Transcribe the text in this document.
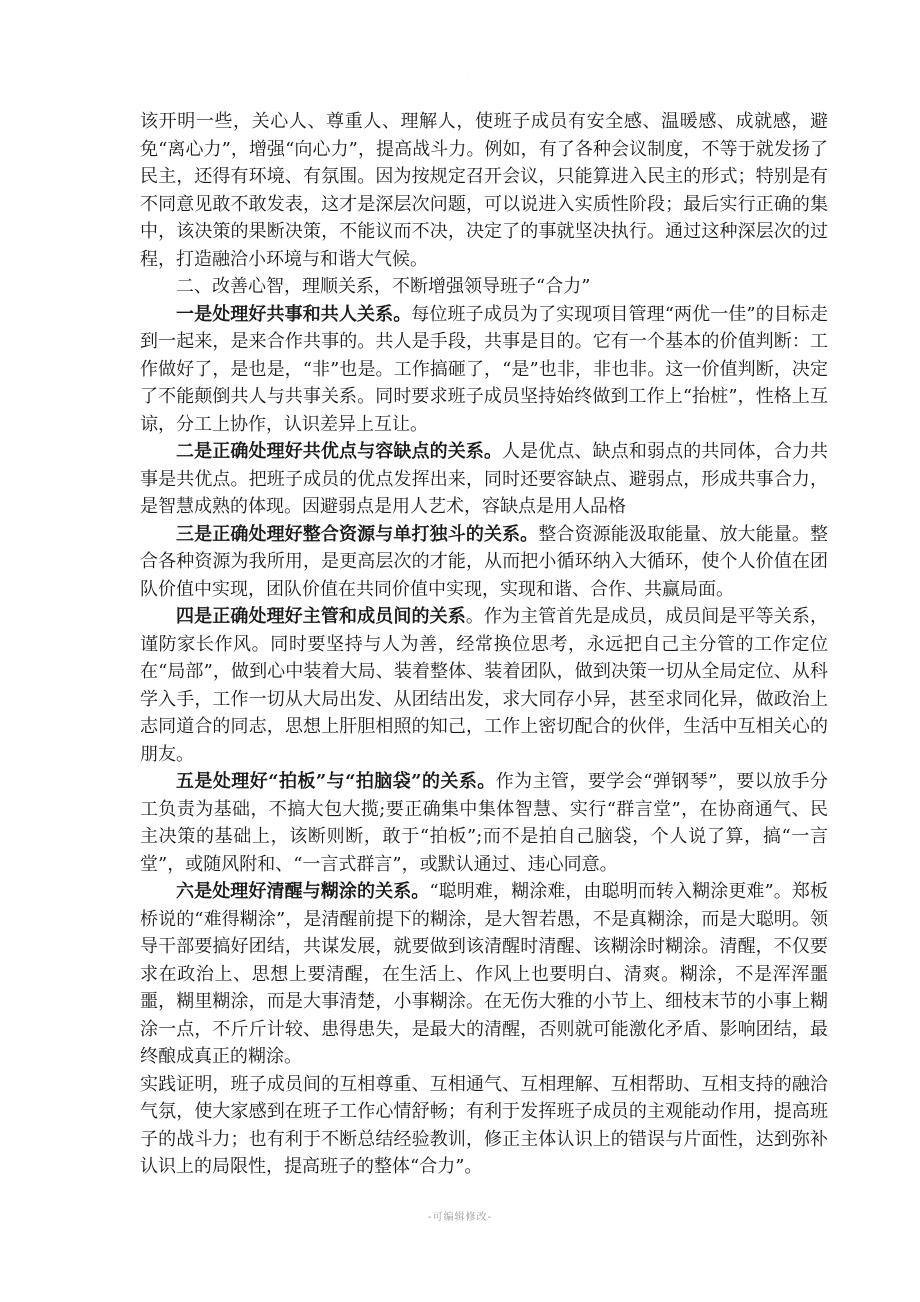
·

该开明一些，关心人、尊重人、理解人，使班子成员有安全感、温暖感、成就感，避免“离心力”，增强“向心力”，提高战斗力。例如，有了各种会议制度，不等于就发扬了民主，还得有环境、有氛围。因为按规定召开会议，只能算进入民主的形式；特别是有不同意见敢不敢发表，这才是深层次问题，可以说进入实质性阶段；最后实行正确的集中，该决策的果断决策，不能议而不决，决定了的事就坚决执行。通过这种深层次的过程，打造融洽小环境与和谐大气候。

二、改善心智，理顺关系，不断增强领导班子“合力”

一是处理好共事和共人关系。每位班子成员为了实现项目管理“两优一佳”的目标走到一起来，是来合作共事的。共人是手段，共事是目的。它有一个基本的价值判断：工作做好了，是也是，“非”也是。工作搞砸了，“是”也非，非也非。这一价值判断，决定了不能颠倒共人与共事关系。同时要求班子成员坚持始终做到工作上“抬桩”，性格上互谅，分工上协作，认识差异上互让。

二是正确处理好共优点与容缺点的关系。人是优点、缺点和弱点的共同体，合力共事是共优点。把班子成员的优点发挥出来，同时还要容缺点、避弱点，形成共事合力，是智慧成熟的体现。因避弱点是用人艺术，容缺点是用人品格

三是正确处理好整合资源与单打独斗的关系。整合资源能汲取能量、放大能量。整合各种资源为我所用，是更高层次的才能，从而把小循环纳入大循环，使个人价值在团队价值中实现，团队价值在共同价值中实现，实现和谐、合作、共赢局面。

四是正确处理好主管和成员间的关系。作为主管首先是成员，成员间是平等关系，谨防家长作风。同时要坚持与人为善，经常换位思考，永远把自己主分管的工作定位在“局部”，做到心中装着大局、装着整体、装着团队，做到决策一切从全局定位、从科学入手，工作一切从大局出发、从团结出发，求大同存小异，甚至求同化异，做政治上志同道合的同志，思想上肝胆相照的知己，工作上密切配合的伙伴，生活中互相关心的朋友。

五是处理好“拍板”与“拍脑袋”的关系。作为主管，要学会“弹钢琴”，要以放手分工负责为基础，不搞大包大揽;要正确集中集体智慧、实行“群言堂”，在协商通气、民主决策的基础上，该断则断，敢于“拍板”;而不是拍自己脑袋，个人说了算，搞“一言堂”，或随风附和、“一言式群言”，或默认通过、违心同意。

六是处理好清醒与糊涂的关系。“聪明难，糊涂难，由聪明而转入糊涂更难”。郑板桥说的“难得糊涂”，是清醒前提下的糊涂，是大智若愚，不是真糊涂，而是大聪明。领导干部要搞好团结，共谋发展，就要做到该清醒时清醒、该糊涂时糊涂。清醒，不仅要求在政治上、思想上要清醒，在生活上、作风上也要明白、清爽。糊涂，不是浑浑噩噩，糊里糊涂，而是大事清楚，小事糊涂。在无伤大雅的小节上、细枝末节的小事上糊涂一点，不斤斤计较、患得患失，是最大的清醒，否则就可能激化矛盾、影响团结，最终酿成真正的糊涂。

实践证明，班子成员间的互相尊重、互相通气、互相理解、互相帮助、互相支持的融洽气氛，使大家感到在班子工作心情舒畅；有利于发挥班子成员的主观能动作用，提高班子的战斗力；也有利于不断总结经验教训，修正主体认识上的错误与片面性，达到弥补认识上的局限性，提高班子的整体“合力”。

-可编辑修改-
